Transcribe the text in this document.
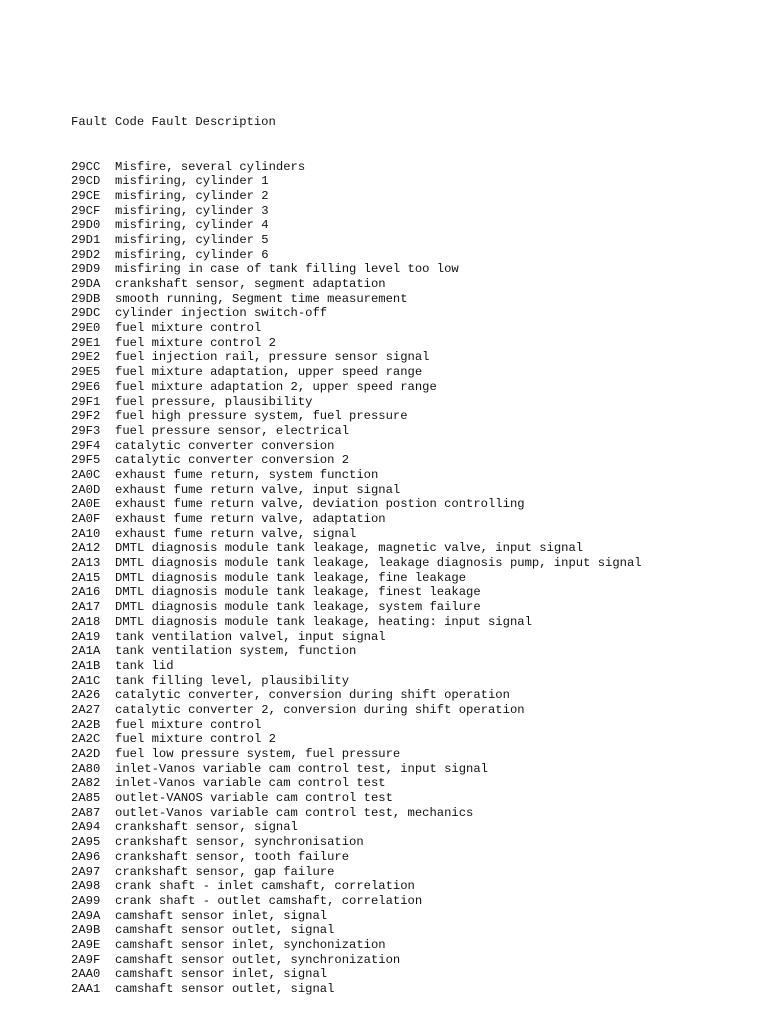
Fault Code Fault Description

29CC Misfire, several cylinders
29CD misfiring, cylinder 1
29CE misfiring, cylinder 2
29CF misfiring, cylinder 3
29D0 misfiring, cylinder 4
29D1 misfiring, cylinder 5
29D2 misfiring, cylinder 6
29D9 misfiring in case of tank filling level too low
29DA crankshaft sensor, segment adaptation
29DB smooth running, Segment time measurement
29DC cylinder injection switch-off
29E0 fuel mixture control
29E1 fuel mixture control 2
29E2 fuel injection rail, pressure sensor signal
29E5 fuel mixture adaptation, upper speed range
29E6 fuel mixture adaptation 2, upper speed range
29F1 fuel pressure, plausibility
29F2 fuel high pressure system, fuel pressure
29F3 fuel pressure sensor, electrical
29F4 catalytic converter conversion
29F5 catalytic converter conversion 2
2A0C exhaust fume return, system function
2A0D exhaust fume return valve, input signal
2A0E exhaust fume return valve, deviation postion controlling
2A0F exhaust fume return valve, adaptation
2A10 exhaust fume return valve, signal
2A12 DMTL diagnosis module tank leakage, magnetic valve, input signal
2A13 DMTL diagnosis module tank leakage, leakage diagnosis pump, input signal
2A15 DMTL diagnosis module tank leakage, fine leakage
2A16 DMTL diagnosis module tank leakage, finest leakage
2A17 DMTL diagnosis module tank leakage, system failure
2A18 DMTL diagnosis module tank leakage, heating: input signal
2A19 tank ventilation valvel, input signal
2A1A tank ventilation system, function
2A1B tank lid
2A1C tank filling level, plausibility
2A26 catalytic converter, conversion during shift operation
2A27 catalytic converter 2, conversion during shift operation
2A2B fuel mixture control
2A2C fuel mixture control 2
2A2D fuel low pressure system, fuel pressure
2A80 inlet-Vanos variable cam control test, input signal
2A82 inlet-Vanos variable cam control test
2A85 outlet-VANOS variable cam control test
2A87 outlet-Vanos variable cam control test, mechanics
2A94 crankshaft sensor, signal
2A95 crankshaft sensor, synchronisation
2A96 crankshaft sensor, tooth failure
2A97 crankshaft sensor, gap failure
2A98 crank shaft - inlet camshaft, correlation
2A99 crank shaft - outlet camshaft, correlation
2A9A camshaft sensor inlet, signal
2A9B camshaft sensor outlet, signal
2A9E camshaft sensor inlet, synchonization
2A9F camshaft sensor outlet, synchronization
2AA0 camshaft sensor inlet, signal
2AA1 camshaft sensor outlet, signal
